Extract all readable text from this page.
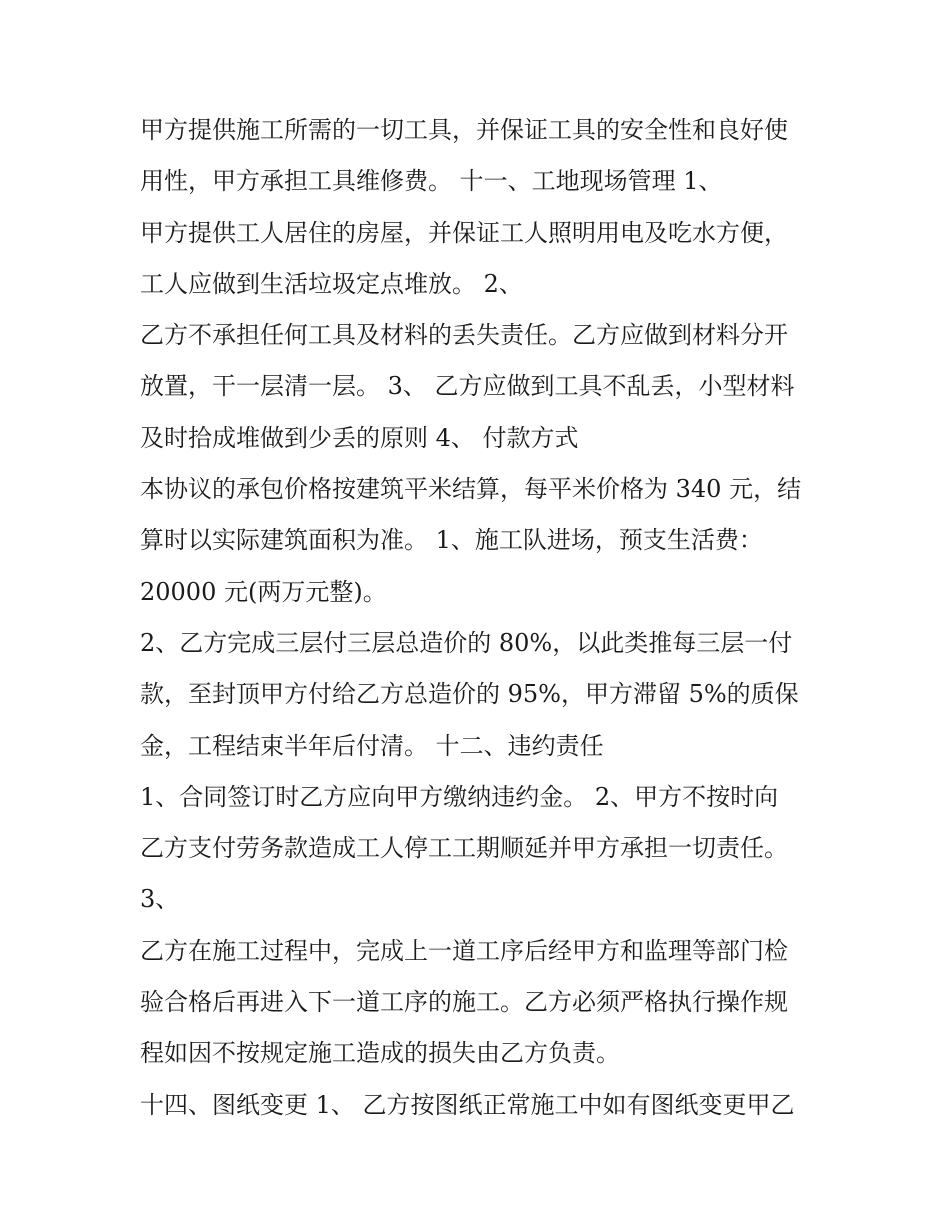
甲方提供施工所需的一切工具，并保证工具的安全性和良好使
用性，甲方承担工具维修费。 十一、工地现场管理 1、
甲方提供工人居住的房屋，并保证工人照明用电及吃水方便，
工人应做到生活垃圾定点堆放。 2、
乙方不承担任何工具及材料的丢失责任。乙方应做到材料分开
放置，干一层清一层。 3、 乙方应做到工具不乱丢，小型材料
及时拾成堆做到少丢的原则 4、 付款方式
本协议的承包价格按建筑平米结算，每平米价格为 340 元，结
算时以实际建筑面积为准。 1、施工队进场，预支生活费：
20000 元(两万元整)。
2、乙方完成三层付三层总造价的 80%，以此类推每三层一付
款，至封顶甲方付给乙方总造价的 95%，甲方滞留 5%的质保
金，工程结束半年后付清。 十二、违约责任
1、合同签订时乙方应向甲方缴纳违约金。 2、甲方不按时向
乙方支付劳务款造成工人停工工期顺延并甲方承担一切责任。
3、
乙方在施工过程中，完成上一道工序后经甲方和监理等部门检
验合格后再进入下一道工序的施工。乙方必须严格执行操作规
程如因不按规定施工造成的损失由乙方负责。
十四、图纸变更 1、 乙方按图纸正常施工中如有图纸变更甲乙
